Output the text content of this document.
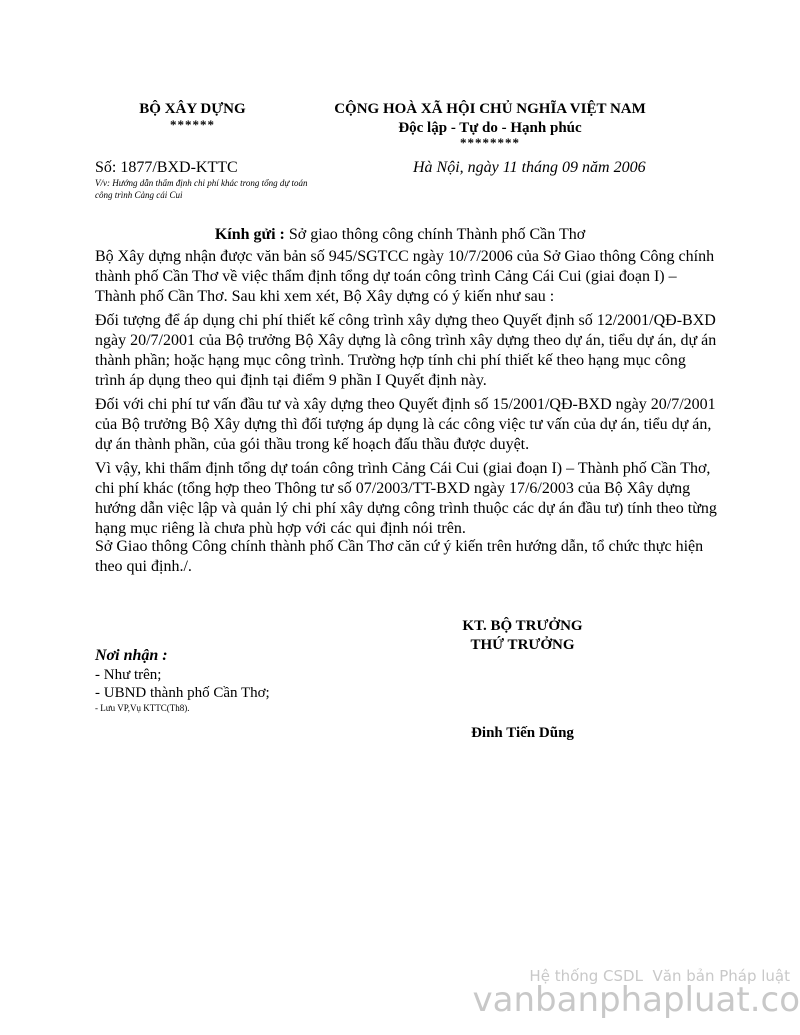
BỘ XÂY DỰNG
******
CỘNG HOÀ XÃ HỘI CHỦ NGHĨA VIỆT NAM
Độc lập - Tự do - Hạnh phúc
********
Số: 1877/BXD-KTTC	Hà Nội, ngày 11 tháng 09 năm 2006
V/v: Hướng dẫn thẩm định chi phí khác trong tổng dự toán công trình Cảng cái Cui
Kính gửi : Sở giao thông công chính Thành phố Cần Thơ

Bộ Xây dựng nhận được văn bản số 945/SGTCC ngày 10/7/2006 của Sở Giao thông Công chính thành phố Cần Thơ về việc thẩm định tổng dự toán công trình Cảng Cái Cui (giai đoạn I) – Thành phố Cần Thơ. Sau khi xem xét, Bộ Xây dựng có ý kiến như sau :

Đối tượng để áp dụng chi phí thiết kế công trình xây dựng theo Quyết định số 12/2001/QĐ-BXD ngày 20/7/2001 của Bộ trưởng Bộ Xây dựng là công trình xây dựng theo dự án, tiểu dự án, dự án thành phần; hoặc hạng mục công trình. Trường hợp tính chi phí thiết kế theo hạng mục công trình áp dụng theo qui định tại điểm 9 phần I Quyết định này.

Đối với chi phí tư vấn đầu tư và xây dựng theo Quyết định số 15/2001/QĐ-BXD ngày 20/7/2001 của Bộ trưởng Bộ Xây dựng thì đối tượng áp dụng là các công việc tư vấn của dự án, tiểu dự án, dự án thành phần, của gói thầu trong kế hoạch đấu thầu được duyệt.

Vì vậy, khi thẩm định tổng dự toán công trình Cảng Cái Cui (giai đoạn I) – Thành phố Cần Thơ, chi phí khác (tổng hợp theo Thông tư số 07/2003/TT-BXD ngày 17/6/2003 của Bộ Xây dựng hướng dẫn việc lập và quản lý chi phí xây dựng công trình thuộc các dự án đầu tư) tính theo từng hạng mục riêng là chưa phù hợp với các qui định nói trên.

Sở Giao thông Công chính thành phố Cần Thơ căn cứ ý kiến trên hướng dẫn, tổ chức thực hiện theo qui định./.

KT. BỘ TRƯỞNG
THỨ TRƯỞNG
Đinh Tiến Dũng
Nơi nhận :
- Như trên;
- UBND thành phố Cần Thơ;
- Lưu VP,Vụ KTTC(Th8).
Hệ thống CSDL  Văn bản Pháp luật
vanbanphapluat.co
